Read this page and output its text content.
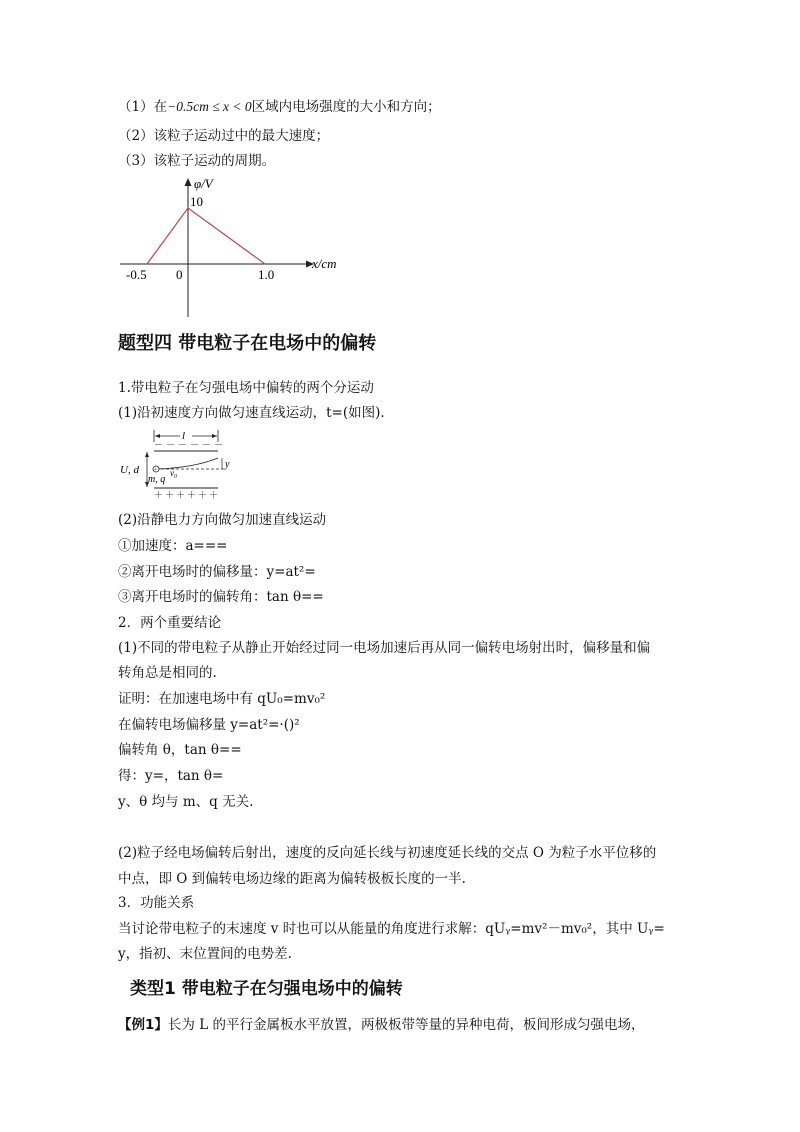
（1）在−0.5cm ≤ x < 0区域内电场强度的大小和方向；
（2）该粒子运动过中的最大速度；
（3）该粒子运动的周期。
φ/V
10
x/cm
-0.5 0	1.0
题型四 带电粒子在电场中的偏转
1.带电粒子在匀强电场中偏转的两个分运动
(1)沿初速度方向做匀速直线运动，t=(如图).
l
－－－－－－
＋＋＋＋＋＋
U, d +
y
m, q
v₀
(2)沿静电力方向做匀加速直线运动
①加速度：a===
②离开电场时的偏移量：y=at²=
③离开电场时的偏转角：tan θ==
2．两个重要结论
(1)不同的带电粒子从静止开始经过同一电场加速后再从同一偏转电场射出时，偏移量和偏
转角总是相同的.
证明：在加速电场中有 qU₀=mv₀²
在偏转电场偏移量 y=at²=·()²
偏转角 θ，tan θ==
得：y=，tan θ=
y、θ 均与 m、q 无关.
(2)粒子经电场偏转后射出，速度的反向延长线与初速度延长线的交点 O 为粒子水平位移的
中点，即 O 到偏转电场边缘的距离为偏转极板长度的一半.
3．功能关系
当讨论带电粒子的末速度 v 时也可以从能量的角度进行求解：qUᵧ=mv²－mv₀²，其中 Uᵧ=
y，指初、末位置间的电势差.
类型1 带电粒子在匀强电场中的偏转
【例1】长为 L 的平行金属板水平放置，两极板带等量的异种电荷，板间形成匀强电场，
